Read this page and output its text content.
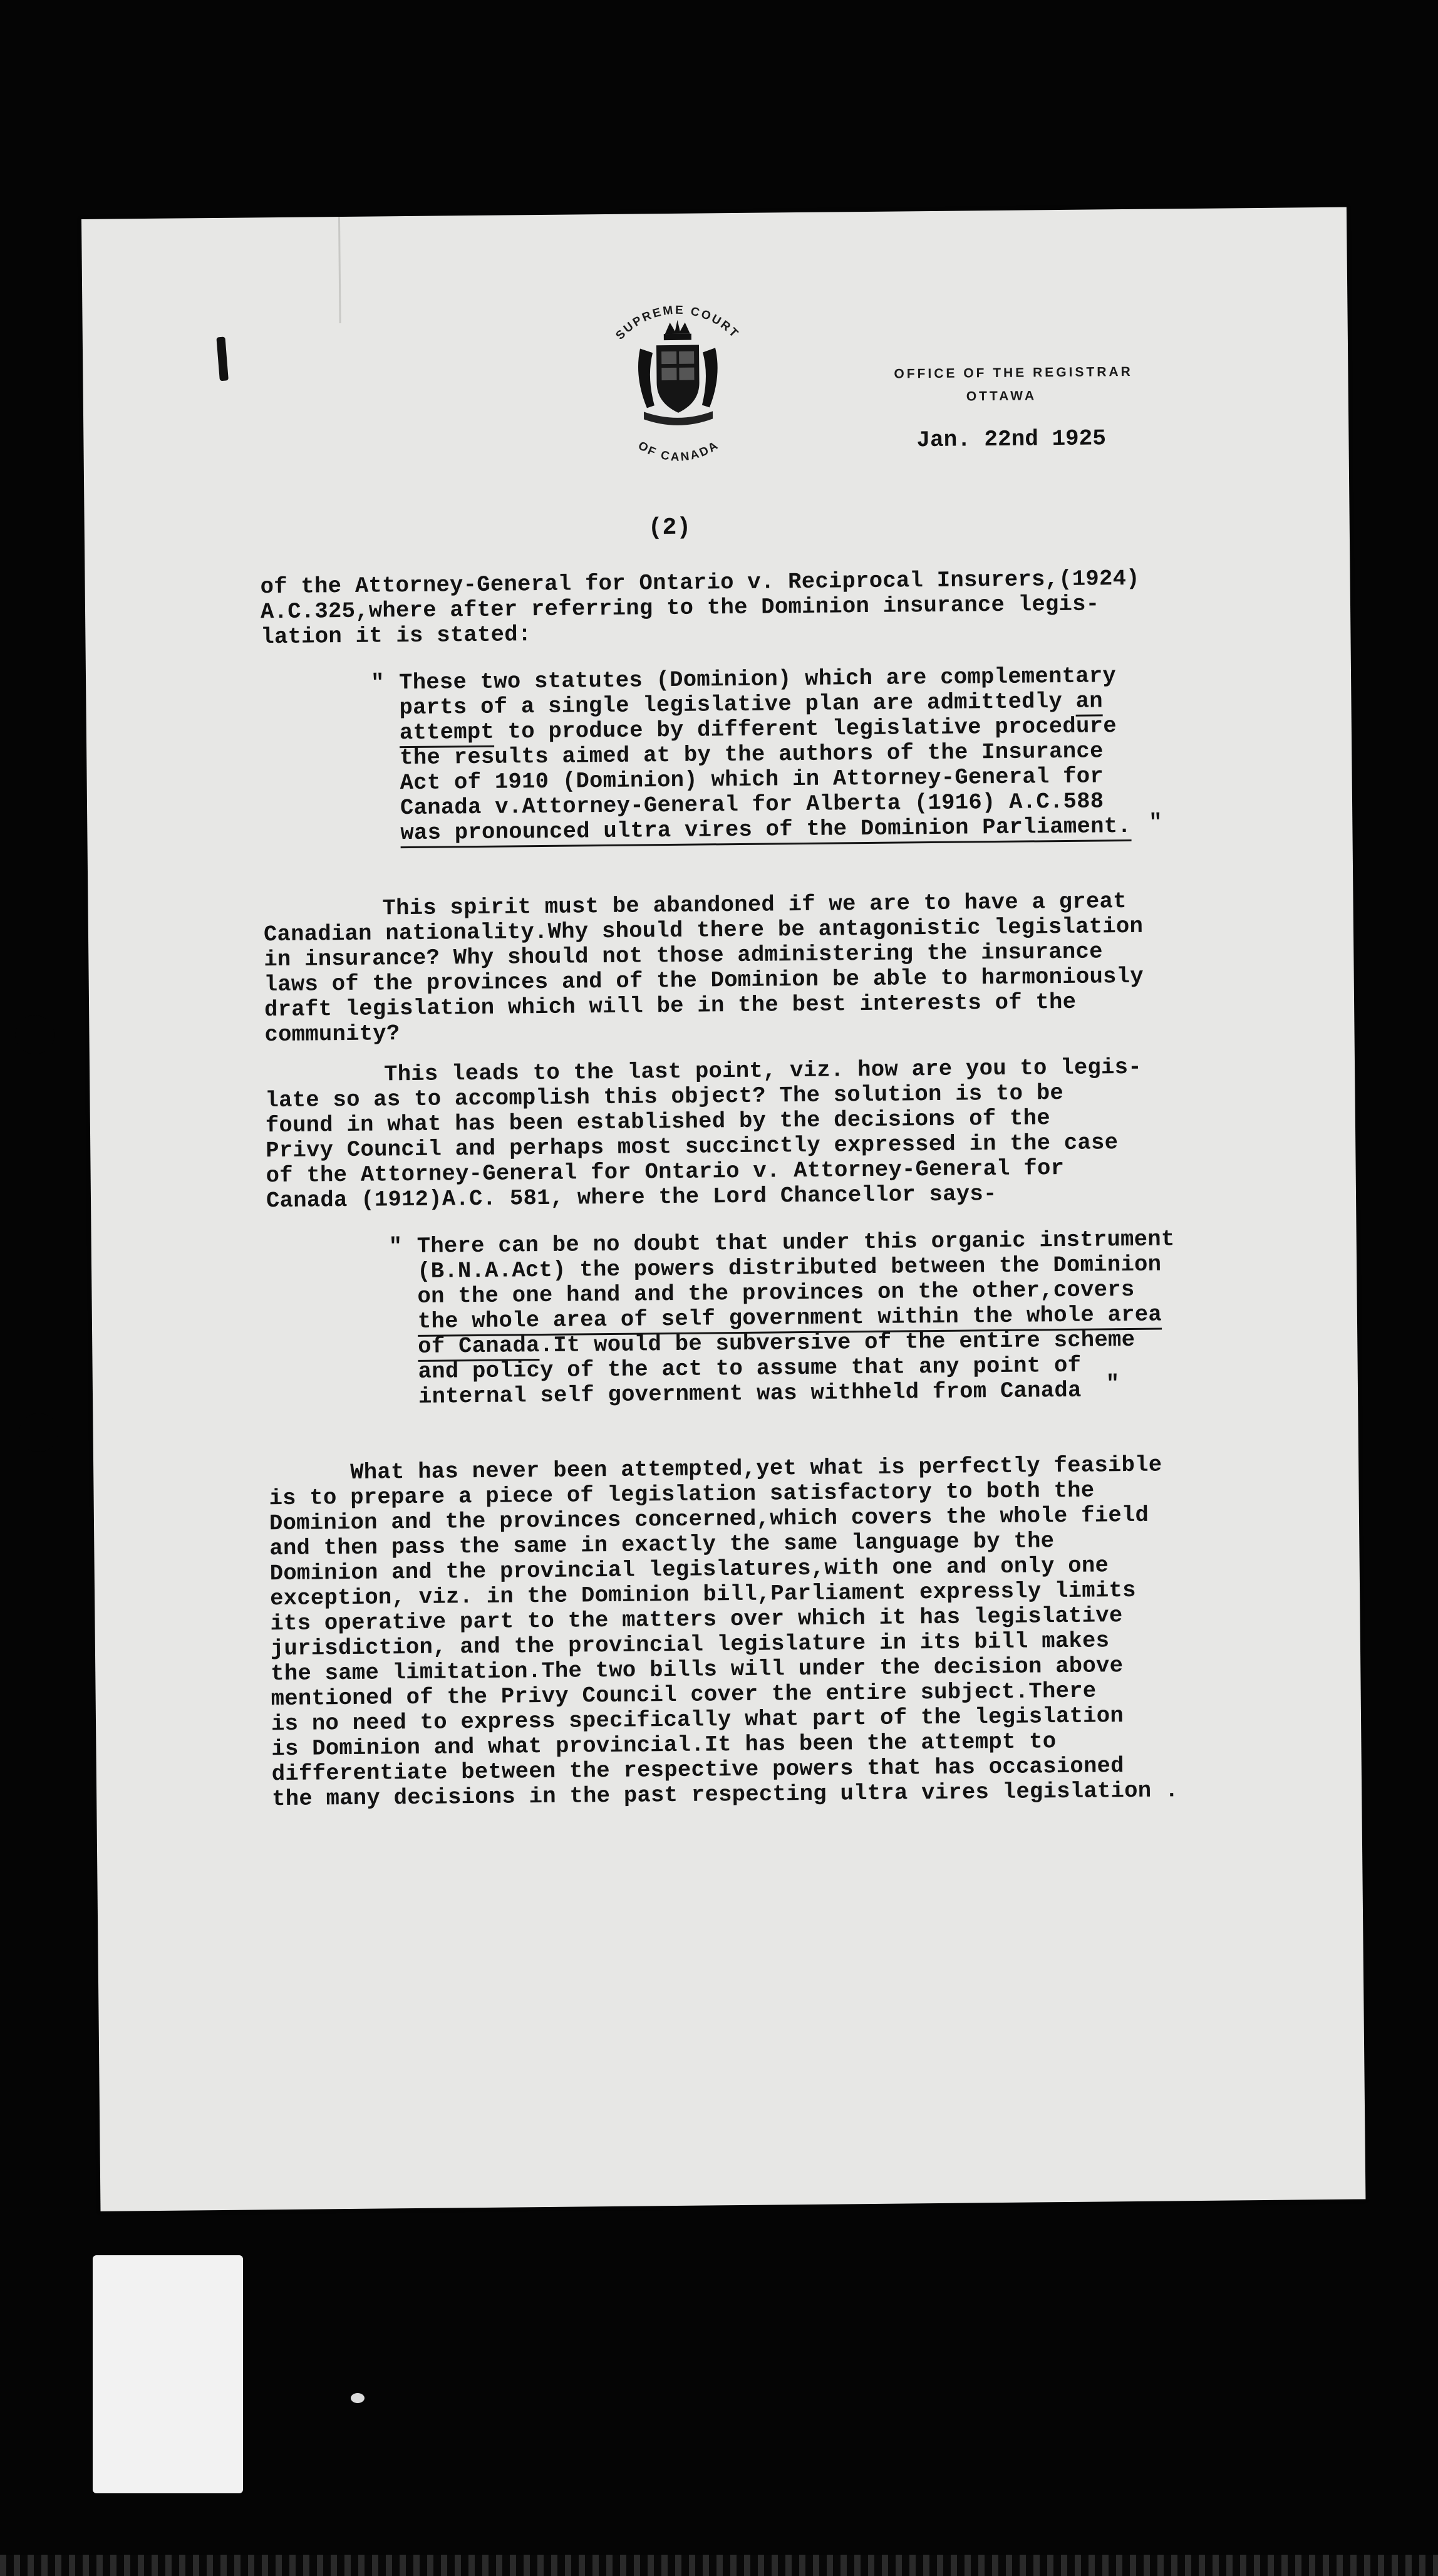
SUPREME COURT
OF CANADA
OFFICE OF THE REGISTRAR
OTTAWA
Jan. 22nd 1925
(2)
of the Attorney-General for Ontario v. Reciprocal Insurers,(1924)
A.C.325,where after referring to the Dominion insurance legis-
lation it is stated:
" These two statutes (Dominion) which are complementary
parts of a single legislative plan are admittedly an
attempt to produce by different legislative procedure
the results aimed at by the authors of the Insurance
Act of 1910 (Dominion) which in Attorney-General for
Canada v.Attorney-General for Alberta (1916) A.C.588
was pronounced ultra vires of the Dominion Parliament. "
This spirit must be abandoned if we are to have a great
Canadian nationality.Why should there be antagonistic legislation
in insurance? Why should not those administering the insurance
laws of the provinces and of the Dominion be able to harmoniously
draft legislation which will be in the best interests of the
community?
This leads to the last point, viz. how are you to legis-
late so as to accomplish this object? The solution is to be
found in what has been established by the decisions of the
Privy Council and perhaps most succinctly expressed in the case
of the Attorney-General for Ontario v. Attorney-General for
Canada (1912)A.C. 581, where the Lord Chancellor says-
" There can be no doubt that under this organic instrument
(B.N.A.Act) the powers distributed between the Dominion
on the one hand and the provinces on the other,covers
the whole area of self government within the whole area
of Canada.It would be subversive of the entire scheme
and policy of the act to assume that any point of
internal self government was withheld from Canada "
What has never been attempted,yet what is perfectly feasible
is to prepare a piece of legislation satisfactory to both the
Dominion and the provinces concerned,which covers the whole field
and then pass the same in exactly the same language by the
Dominion and the provincial legislatures,with one and only one
exception, viz. in the Dominion bill,Parliament expressly limits
its operative part to the matters over which it has legislative
jurisdiction, and the provincial legislature in its bill makes
the same limitation.The two bills will under the decision above
mentioned of the Privy Council cover the entire subject.There
is no need to express specifically what part of the legislation
is Dominion and what provincial.It has been the attempt to
differentiate between the respective powers that has occasioned
the many decisions in the past respecting ultra vires legislation .
